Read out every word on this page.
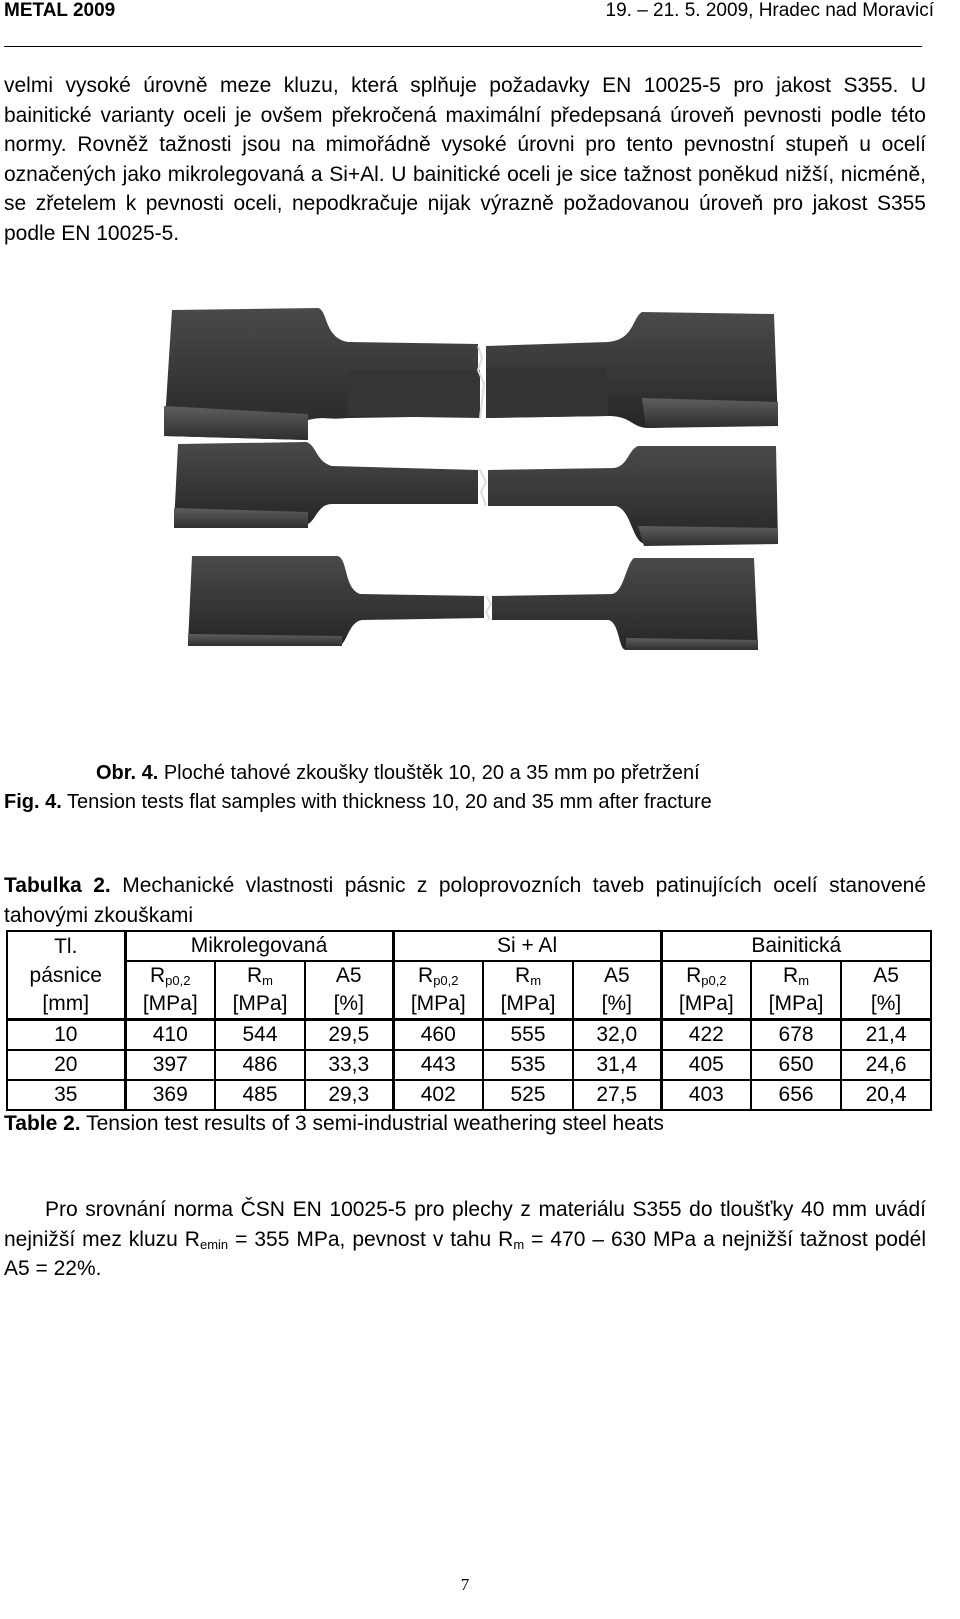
METAL 2009	19. – 21. 5. 2009, Hradec nad Moravicí
velmi vysoké úrovně meze kluzu, která splňuje požadavky EN 10025-5 pro jakost S355. U bainitické varianty oceli je ovšem překročená maximální předepsaná úroveň pevnosti podle této normy. Rovněž tažnosti jsou na mimořádně vysoké úrovni pro tento pevnostní stupeň u ocelí označených jako mikrolegovaná a Si+Al. U bainitické oceli je sice tažnost poněkud nižší, nicméně, se zřetelem k pevnosti oceli, nepodkračuje nijak výrazně požadovanou úroveň pro jakost S355 podle EN 10025-5.
Obr. 4. Ploché tahové zkoušky tlouštěk 10, 20 a 35 mm po přetržení
Fig. 4. Tension tests flat samples with thickness 10, 20 and 35 mm after fracture
Tabulka 2. Mechanické vlastnosti pásnic z poloprovozních taveb patinujících ocelí stanovené tahovými zkouškami
Tl.	Mikrolegovaná			Si + Al			Bainitická		
pásnice	$R_{p0,2}$	$R_m$	A5	$R_{p0,2}$	$R_m$	A5	$R_{p0,2}$	$R_m$	A5
[mm]	[MPa]	[MPa]	[%]	[MPa]	[MPa]	[%]	[MPa]	[MPa]	[%]
10	410	544	29,5	460	555	32,0	422	678	21,4
20	397	486	33,3	443	535	31,4	405	650	24,6
35	369	485	29,3	402	525	27,5	403	656	20,4
Table 2. Tension test results of 3 semi-industrial weathering steel heats
Pro srovnání norma ČSN EN 10025-5 pro plechy z materiálu S355 do tloušťky 40 mm uvádí nejnižší mez kluzu $R_{emin} = 355$ MPa, pevnost v tahu $R_m = 470 - 630$ MPa a nejnižší tažnost podél A5 = 22%.
7
